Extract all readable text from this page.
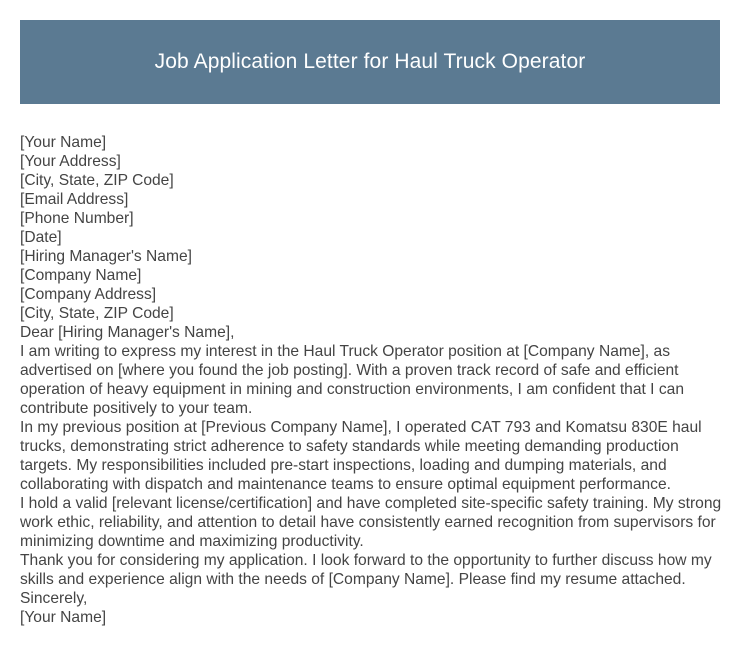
Job Application Letter for Haul Truck Operator

[Your Name]

[Your Address]

[City, State, ZIP Code]

[Email Address]

[Phone Number]

[Date]

[Hiring Manager's Name]

[Company Name]

[Company Address]

[City, State, ZIP Code]

Dear [Hiring Manager's Name],

I am writing to express my interest in the Haul Truck Operator position at [Company Name], as advertised on [where you found the job posting]. With a proven track record of safe and efficient operation of heavy equipment in mining and construction environments, I am confident that I can contribute positively to your team.

In my previous position at [Previous Company Name], I operated CAT 793 and Komatsu 830E haul trucks, demonstrating strict adherence to safety standards while meeting demanding production targets. My responsibilities included pre-start inspections, loading and dumping materials, and collaborating with dispatch and maintenance teams to ensure optimal equipment performance.

I hold a valid [relevant license/certification] and have completed site-specific safety training. My strong work ethic, reliability, and attention to detail have consistently earned recognition from supervisors for minimizing downtime and maximizing productivity.

Thank you for considering my application. I look forward to the opportunity to further discuss how my skills and experience align with the needs of [Company Name]. Please find my resume attached.

Sincerely,

[Your Name]
